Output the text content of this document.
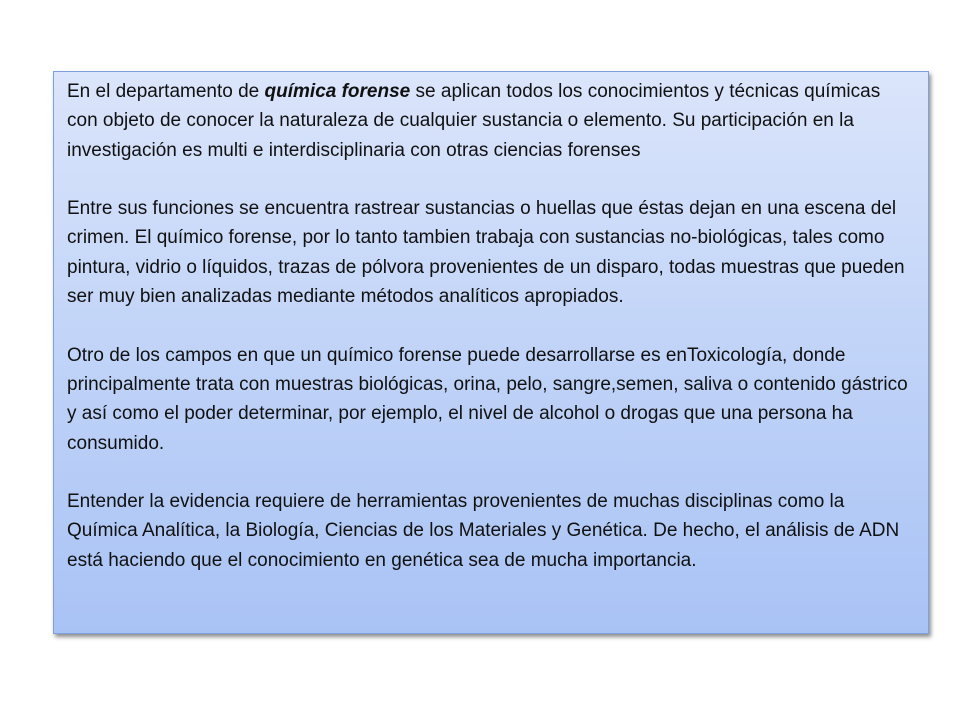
En el departamento de química forense se aplican todos los conocimientos y técnicas químicas con objeto de conocer la naturaleza de cualquier sustancia o elemento. Su participación en la investigación es multi e interdisciplinaria con otras ciencias forenses

Entre sus funciones se encuentra rastrear sustancias o huellas que éstas dejan en una escena del crimen. El químico forense, por lo tanto tambien trabaja con sustancias no-biológicas, tales como pintura, vidrio o líquidos, trazas de pólvora provenientes de un disparo, todas muestras que pueden ser muy bien analizadas mediante métodos analíticos apropiados.

Otro de los campos en que un químico forense puede desarrollarse es enToxicología, donde principalmente trata con muestras biológicas, orina, pelo, sangre,semen, saliva o contenido gástrico y así como el poder determinar, por ejemplo, el nivel de alcohol o drogas que una persona ha consumido.

Entender la evidencia requiere de herramientas provenientes de muchas disciplinas como la Química Analítica, la Biología, Ciencias de los Materiales y Genética. De hecho, el análisis de ADN está haciendo que el conocimiento en genética sea de mucha importancia.
